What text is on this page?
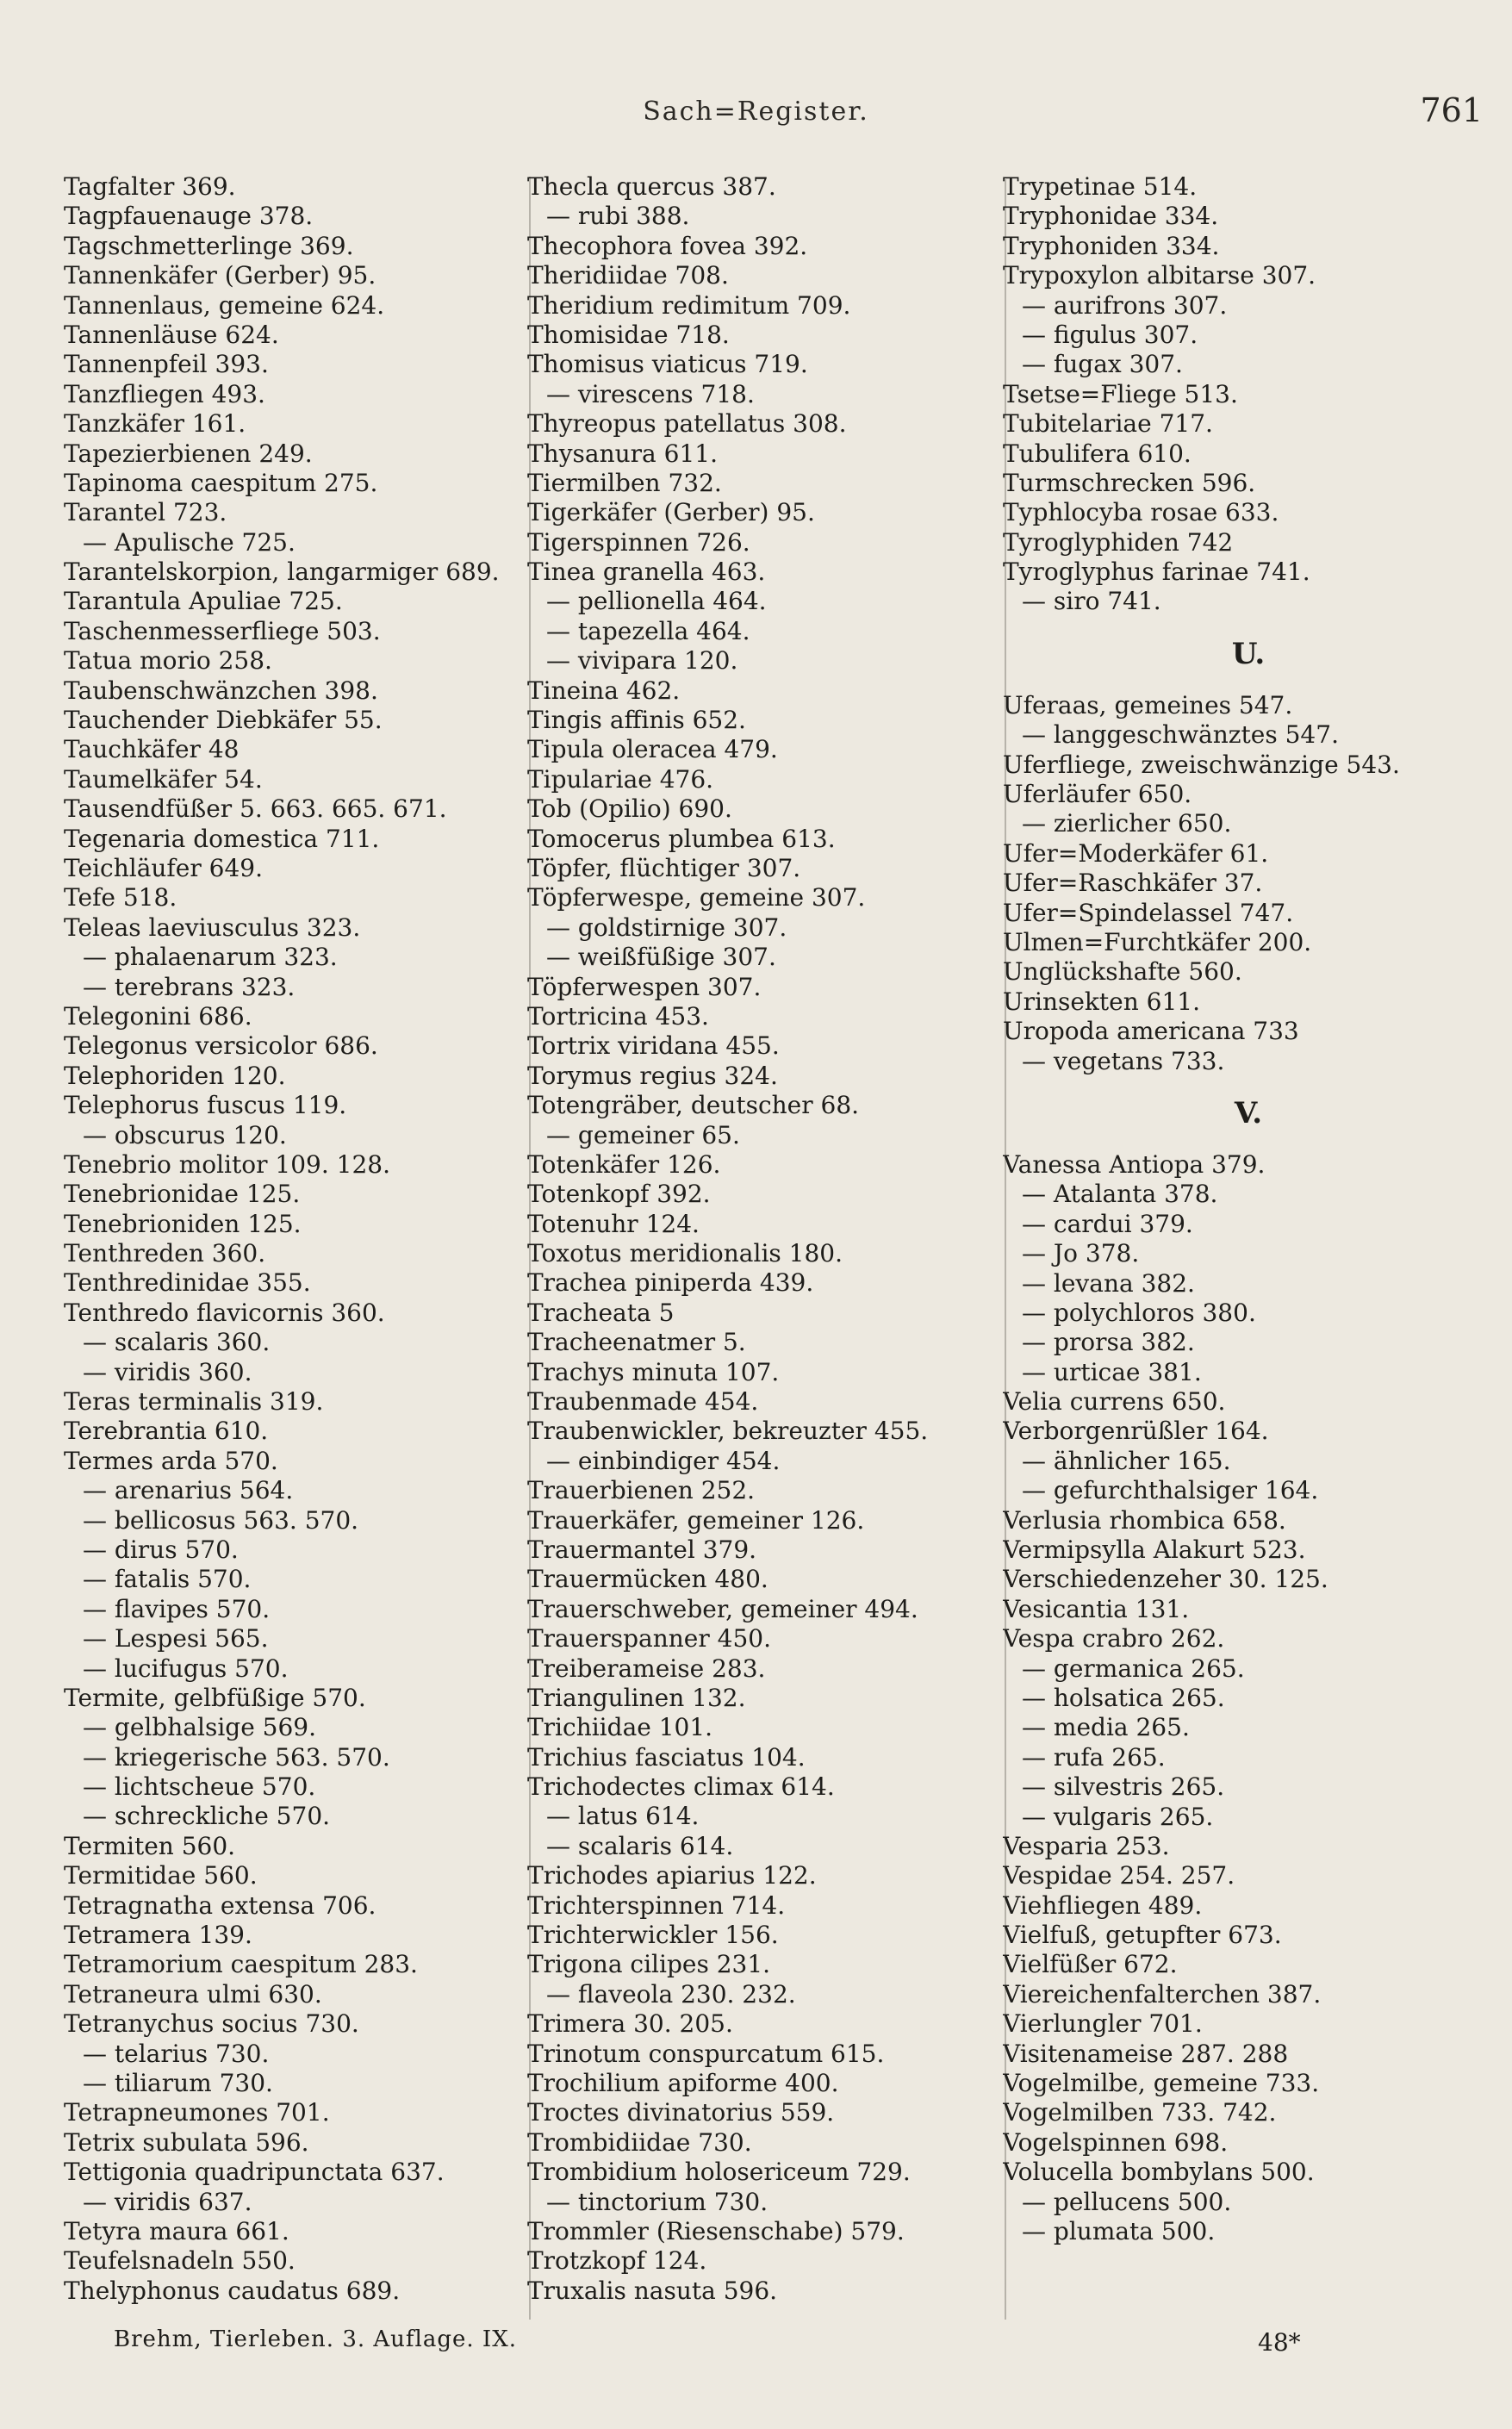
Sach=Register.	761
Tagfalter 369.
Tagpfauenauge 378.
Tagschmetterlinge 369.
Tannenkäfer (Gerber) 95.
Tannenlaus, gemeine 624.
Tannenläuse 624.
Tannenpfeil 393.
Tanzfliegen 493.
Tanzkäfer 161.
Tapezierbienen 249.
Tapinoma caespitum 275.
Tarantel 723.
— Apulische 725.
Tarantelskorpion, langarmiger 689.
Tarantula Apuliae 725.
Taschenmesserfliege 503.
Tatua morio 258.
Taubenschwänzchen 398.
Tauchender Diebkäfer 55.
Tauchkäfer 48
Taumelkäfer 54.
Tausendfüßer 5. 663. 665. 671.
Tegenaria domestica 711.
Teichläufer 649.
Tefe 518.
Teleas laeviusculus 323.
— phalaenarum 323.
— terebrans 323.
Telegonini 686.
Telegonus versicolor 686.
Telephoriden 120.
Telephorus fuscus 119.
— obscurus 120.
Tenebrio molitor 109. 128.
Tenebrionidae 125.
Tenebrioniden 125.
Tenthreden 360.
Tenthredinidae 355.
Tenthredo flavicornis 360.
— scalaris 360.
— viridis 360.
Teras terminalis 319.
Terebrantia 610.
Termes arda 570.
— arenarius 564.
— bellicosus 563. 570.
— dirus 570.
— fatalis 570.
— flavipes 570.
— Lespesi 565.
— lucifugus 570.
Termite, gelbfüßige 570.
— gelbhalsige 569.
— kriegerische 563. 570.
— lichtscheue 570.
— schreckliche 570.
Termiten 560.
Termitidae 560.
Tetragnatha extensa 706.
Tetramera 139.
Tetramorium caespitum 283.
Tetraneura ulmi 630.
Tetranychus socius 730.
— telarius 730.
— tiliarum 730.
Tetrapneumones 701.
Tetrix subulata 596.
Tettigonia quadripunctata 637.
— viridis 637.
Tetyra maura 661.
Teufelsnadeln 550.
Thelyphonus caudatus 689.
Thecla quercus 387.
— rubi 388.
Thecophora fovea 392.
Theridiidae 708.
Theridium redimitum 709.
Thomisidae 718.
Thomisus viaticus 719.
— virescens 718.
Thyreopus patellatus 308.
Thysanura 611.
Tiermilben 732.
Tigerkäfer (Gerber) 95.
Tigerspinnen 726.
Tinea granella 463.
— pellionella 464.
— tapezella 464.
— vivipara 120.
Tineina 462.
Tingis affinis 652.
Tipula oleracea 479.
Tipulariae 476.
Tob (Opilio) 690.
Tomocerus plumbea 613.
Töpfer, flüchtiger 307.
Töpferwespe, gemeine 307.
— goldstirnige 307.
— weißfüßige 307.
Töpferwespen 307.
Tortricina 453.
Tortrix viridana 455.
Torymus regius 324.
Totengräber, deutscher 68.
— gemeiner 65.
Totenkäfer 126.
Totenkopf 392.
Totenuhr 124.
Toxotus meridionalis 180.
Trachea piniperda 439.
Tracheata 5
Tracheenatmer 5.
Trachys minuta 107.
Traubenmade 454.
Traubenwickler, bekreuzter 455.
— einbindiger 454.
Trauerbienen 252.
Trauerkäfer, gemeiner 126.
Trauermantel 379.
Trauermücken 480.
Trauerschweber, gemeiner 494.
Trauerspanner 450.
Treiberameise 283.
Triangulinen 132.
Trichiidae 101.
Trichius fasciatus 104.
Trichodectes climax 614.
— latus 614.
— scalaris 614.
Trichodes apiarius 122.
Trichterspinnen 714.
Trichterwickler 156.
Trigona cilipes 231.
— flaveola 230. 232.
Trimera 30. 205.
Trinotum conspurcatum 615.
Trochilium apiforme 400.
Troctes divinatorius 559.
Trombidiidae 730.
Trombidium holosericeum 729.
— tinctorium 730.
Trommler (Riesenschabe) 579.
Trotzkopf 124.
Truxalis nasuta 596.
Trypetinae 514.
Tryphonidae 334.
Tryphoniden 334.
Trypoxylon albitarse 307.
— aurifrons 307.
— figulus 307.
— fugax 307.
Tsetse=Fliege 513.
Tubitelariae 717.
Tubulifera 610.
Turmschrecken 596.
Typhlocyba rosae 633.
Tyroglyphiden 742
Tyroglyphus farinae 741.
— siro 741.
U.
Uferaas, gemeines 547.
— langgeschwänztes 547.
Uferfliege, zweischwänzige 543.
Uferläufer 650.
— zierlicher 650.
Ufer=Moderkäfer 61.
Ufer=Raschkäfer 37.
Ufer=Spindelassel 747.
Ulmen=Furchtkäfer 200.
Unglückshafte 560.
Urinsekten 611.
Uropoda americana 733
— vegetans 733.
V.
Vanessa Antiopa 379.
— Atalanta 378.
— cardui 379.
— Jo 378.
— levana 382.
— polychloros 380.
— prorsa 382.
— urticae 381.
Velia currens 650.
Verborgenrüßler 164.
— ähnlicher 165.
— gefurchthalsiger 164.
Verlusia rhombica 658.
Vermipsylla Alakurt 523.
Verschiedenzeher 30. 125.
Vesicantia 131.
Vespa crabro 262.
— germanica 265.
— holsatica 265.
— media 265.
— rufa 265.
— silvestris 265.
— vulgaris 265.
Vesparia 253.
Vespidae 254. 257.
Viehfliegen 489.
Vielfuß, getupfter 673.
Vielfüßer 672.
Viereichenfalterchen 387.
Vierlungler 701.
Visitenameise 287. 288
Vogelmilbe, gemeine 733.
Vogelmilben 733. 742.
Vogelspinnen 698.
Volucella bombylans 500.
— pellucens 500.
— plumata 500.
Brehm, Tierleben. 3. Auflage. IX.	48*
